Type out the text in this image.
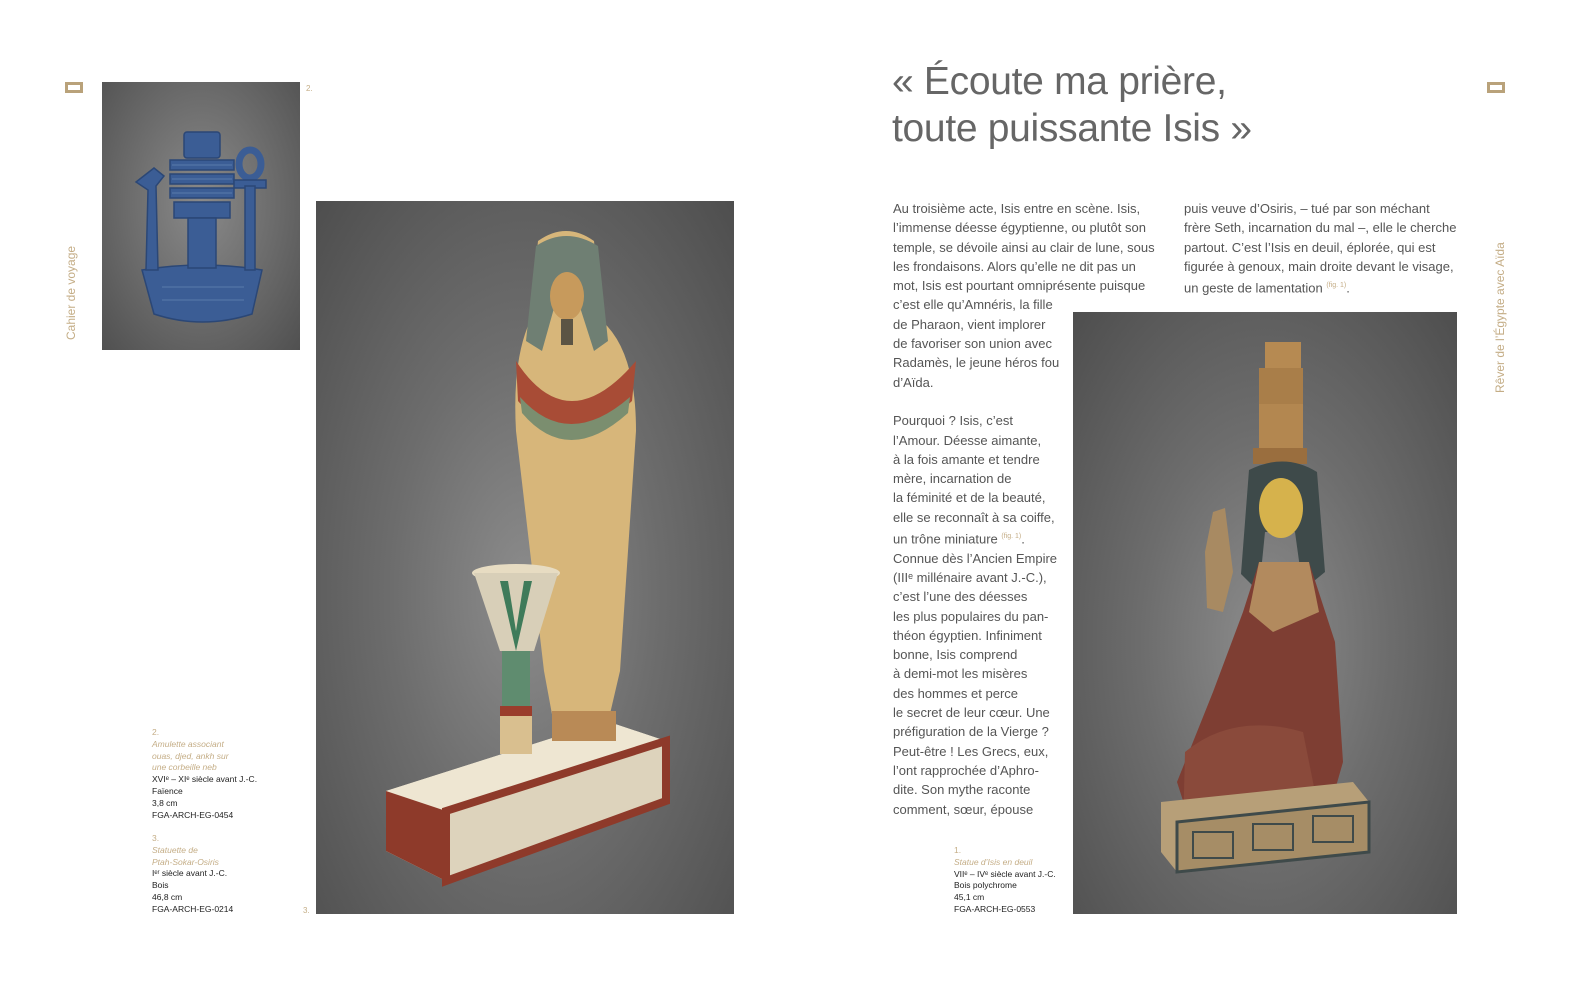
Cahier de voyage
2.
3.
2.
Amulette associant
ouas, djed, ankh sur
une corbeille neb
XVIᵉ – XIᵉ siècle avant J.-C.
Faïence
3,8 cm
FGA-ARCH-EG-0454
3.
Statuette de
Ptah-Sokar-Osiris
Iᵉʳ siècle avant J.-C.
Bois
46,8 cm
FGA-ARCH-EG-0214
Rêver de l’Égypte avec Aïda
« Écoute ma prière,
toute puissante Isis »

Au troisième acte, Isis entre en scène. Isis,

l’immense déesse égyptienne, ou plutôt son

temple, se dévoile ainsi au clair de lune, sous

les frondaisons. Alors qu’elle ne dit pas un

mot, Isis est pourtant omniprésente puisque

c’est elle qu’Amnéris, la fille

de Pharaon, vient implorer

de favoriser son union avec

Radamès, le jeune héros fou

d’Aïda.

Pourquoi ? Isis, c’est

l’Amour. Déesse aimante,

à la fois amante et tendre

mère, incarnation de

la féminité et de la beauté,

elle se reconnaît à sa coiffe,

un trône miniature $^{(fig. 1)}$.

Connue dès l’Ancien Empire

(IIIᵉ millénaire avant J.-C.),

c’est l’une des déesses

les plus populaires du pan-

théon égyptien. Infiniment

bonne, Isis comprend

à demi-mot les misères

des hommes et perce

le secret de leur cœur. Une

préfiguration de la Vierge ?

Peut-être ! Les Grecs, eux,

l’ont rapprochée d’Aphro-

dite. Son mythe raconte

comment, sœur, épouse

puis veuve d’Osiris, – tué par son méchant

frère Seth, incarnation du mal –, elle le cherche

partout. C’est l’Isis en deuil, éplorée, qui est

figurée à genoux, main droite devant le visage,

un geste de lamentation $^{(fig. 1)}$.

1.
Statue d’Isis en deuil
VIIᵉ – IVᵉ siècle avant J.-C.
Bois polychrome
45,1 cm
FGA-ARCH-EG-0553
